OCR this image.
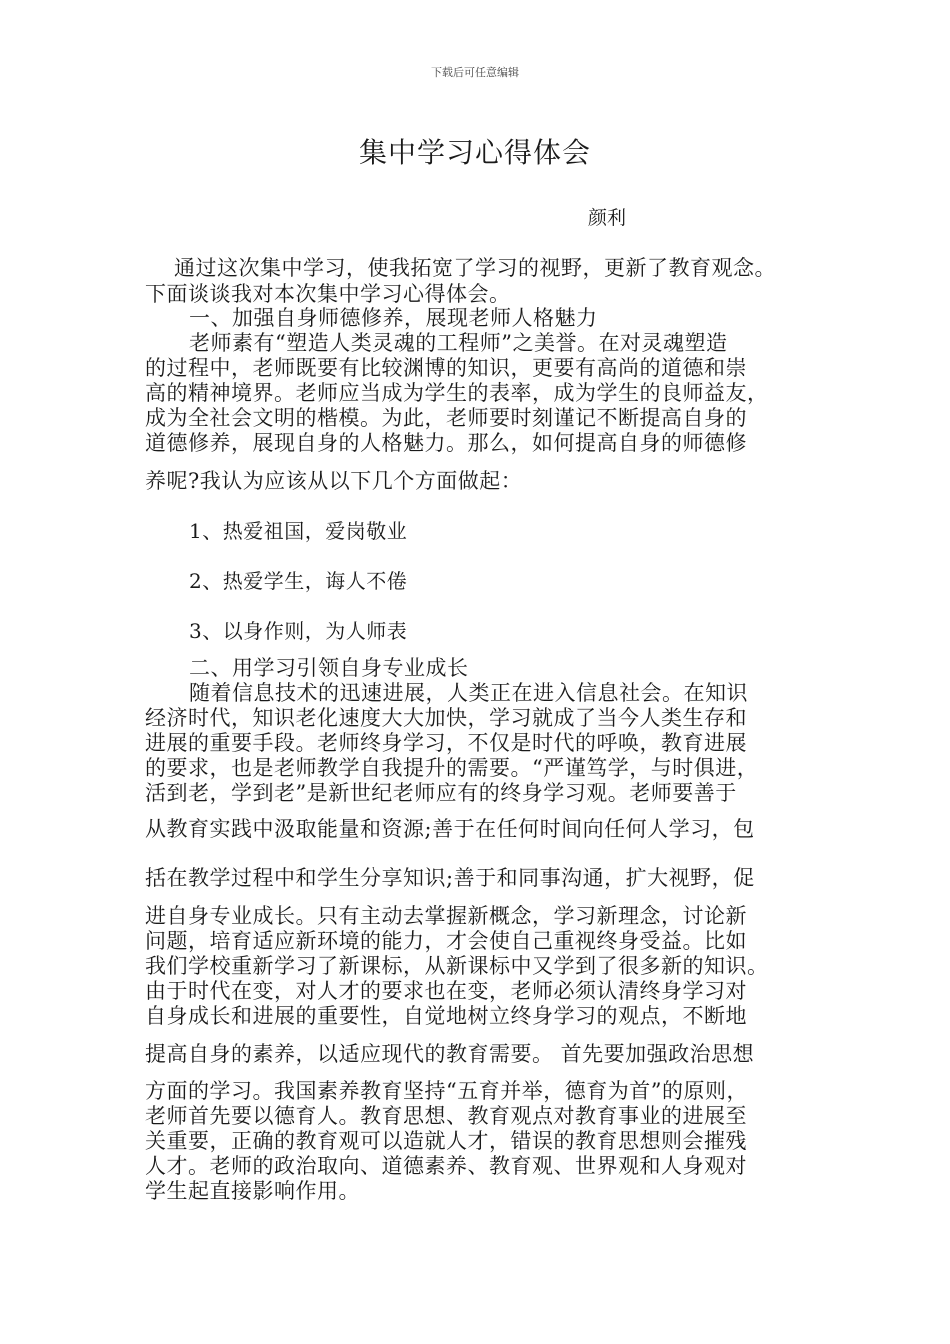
下载后可任意编辑
集中学习心得体会
颜利
通过这次集中学习，使我拓宽了学习的视野，更新了教育观念。
下面谈谈我对本次集中学习心得体会。
一、加强自身师德修养，展现老师人格魅力
老师素有“塑造人类灵魂的工程师”之美誉。在对灵魂塑造
的过程中，老师既要有比较渊博的知识，更要有高尚的道德和崇
高的精神境界。老师应当成为学生的表率，成为学生的良师益友，
成为全社会文明的楷模。为此，老师要时刻谨记不断提高自身的
道德修养，展现自身的人格魅力。那么，如何提高自身的师德修
养呢?我认为应该从以下几个方面做起：
1、热爱祖国，爱岗敬业
2、热爱学生，诲人不倦
3、以身作则，为人师表
二、用学习引领自身专业成长
随着信息技术的迅速进展，人类正在进入信息社会。在知识
经济时代，知识老化速度大大加快，学习就成了当今人类生存和
进展的重要手段。老师终身学习，不仅是时代的呼唤，教育进展
的要求，也是老师教学自我提升的需要。“严谨笃学，与时俱进，
活到老，学到老”是新世纪老师应有的终身学习观。老师要善于
从教育实践中汲取能量和资源;善于在任何时间向任何人学习，包
括在教学过程中和学生分享知识;善于和同事沟通，扩大视野，促
进自身专业成长。只有主动去掌握新概念，学习新理念，讨论新
问题，培育适应新环境的能力，才会使自己重视终身受益。比如
我们学校重新学习了新课标，从新课标中又学到了很多新的知识。
由于时代在变，对人才的要求也在变，老师必须认清终身学习对
自身成长和进展的重要性，自觉地树立终身学习的观点，不断地
提高自身的素养，以适应现代的教育需要。 首先要加强政治思想
方面的学习。我国素养教育坚持“五育并举，德育为首”的原则，
老师首先要以德育人。教育思想、教育观点对教育事业的进展至
关重要，正确的教育观可以造就人才，错误的教育思想则会摧残
人才。老师的政治取向、道德素养、教育观、世界观和人身观对
学生起直接影响作用。
